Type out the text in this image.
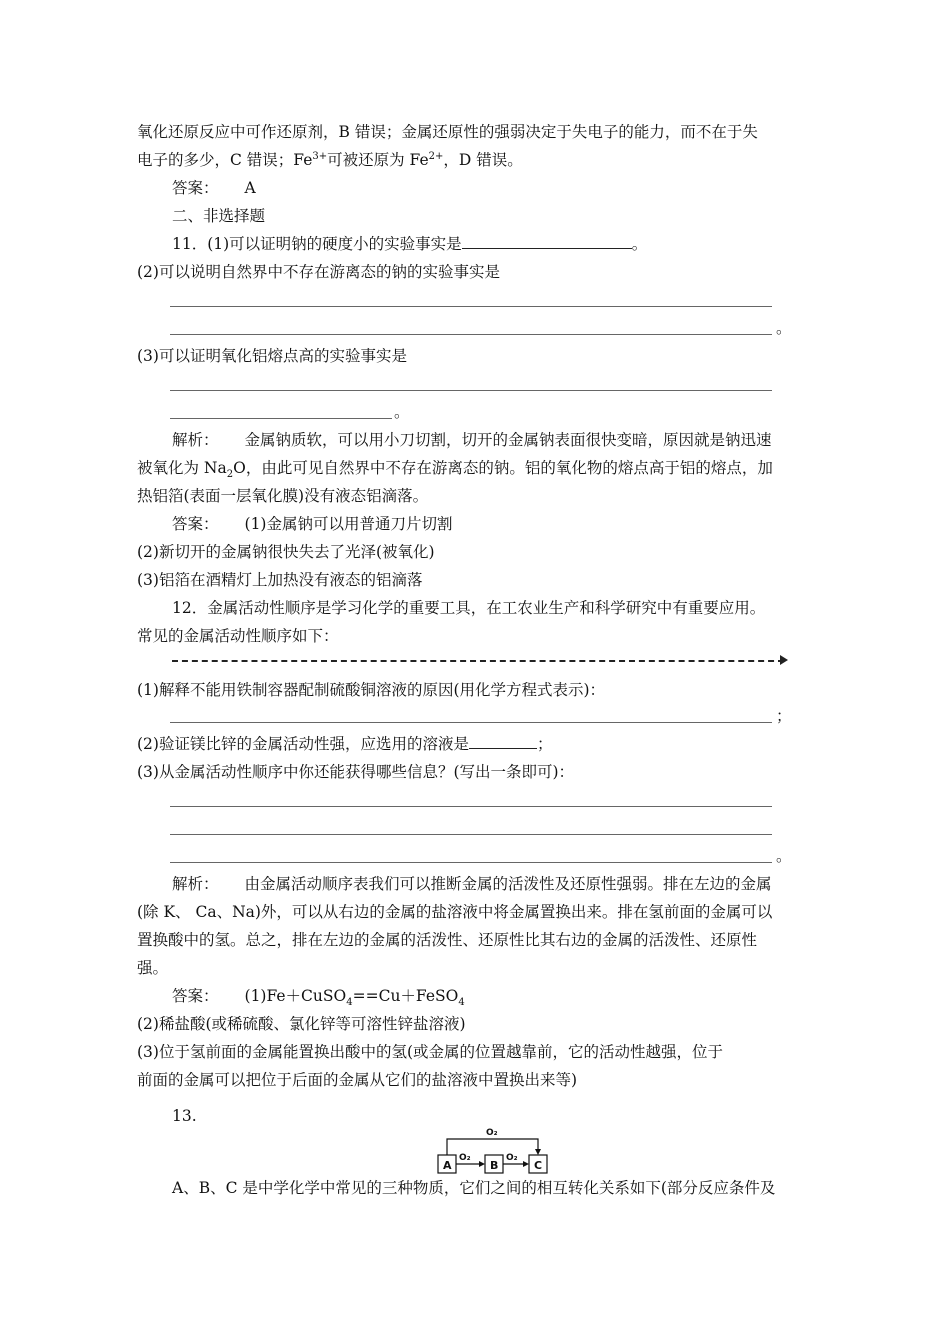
氧化还原反应中可作还原剂，B 错误；金属还原性的强弱决定于失电子的能力，而不在于失
电子的多少，C 错误；$Fe^{3+}$可被还原为 $Fe^{2+}$，D 错误。
答案： A
二、非选择题
11．(1)可以证明钠的硬度小的实验事实是	。
(2)可以说明自然界中不存在游离态的钠的实验事实是
。
(3)可以证明氧化铝熔点高的实验事实是
。
解析： 金属钠质软，可以用小刀切割，切开的金属钠表面很快变暗，原因就是钠迅速
被氧化为 $Na_2O$，由此可见自然界中不存在游离态的钠。铝的氧化物的熔点高于铝的熔点，加
热铝箔(表面一层氧化膜)没有液态铝滴落。
答案： (1)金属钠可以用普通刀片切割
(2)新切开的金属钠很快失去了光泽(被氧化)
(3)铝箔在酒精灯上加热没有液态的铝滴落
12．金属活动性顺序是学习化学的重要工具，在工农业生产和科学研究中有重要应用。
常见的金属活动性顺序如下：
(1)解释不能用铁制容器配制硫酸铜溶液的原因(用化学方程式表示)：
；
(2)验证镁比锌的金属活动性强，应选用的溶液是	；
(3)从金属活动性顺序中你还能获得哪些信息？(写出一条即可)：
。
解析： 由金属活动顺序表我们可以推断金属的活泼性及还原性强弱。排在左边的金属
(除 K、 Ca、Na)外，可以从右边的金属的盐溶液中将金属置换出来。排在氢前面的金属可以
置换酸中的氢。总之，排在左边的金属的活泼性、还原性比其右边的金属的活泼性、还原性
强。
答案： (1)Fe＋CuSO$_4$==Cu＋FeSO$_4$
(2)稀盐酸(或稀硫酸、氯化锌等可溶性锌盐溶液)
(3)位于氢前面的金属能置换出酸中的氢(或金属的位置越靠前，它的活动性越强，位于
前面的金属可以把位于后面的金属从它们的盐溶液中置换出来等)
13.
A	B	C
O₂
O₂	O₂
A、B、C 是中学化学中常见的三种物质，它们之间的相互转化关系如下(部分反应条件及
